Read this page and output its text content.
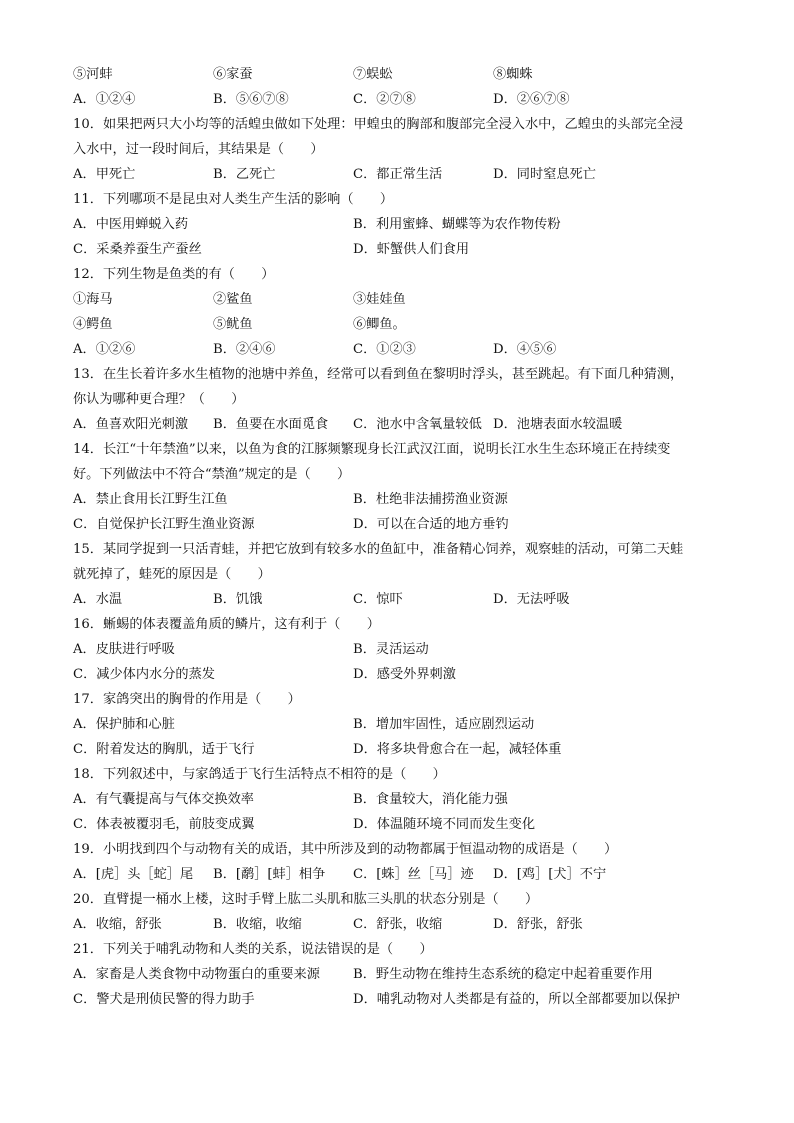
⑤河蚌	⑥家蚕	⑦蜈蚣	⑧蜘蛛
A．①②④	B．⑤⑥⑦⑧	C．②⑦⑧	D．②⑥⑦⑧
10．如果把两只大小均等的活蝗虫做如下处理：甲蝗虫的胸部和腹部完全浸入水中，乙蝗虫的头部完全浸
入水中，过一段时间后，其结果是（　　）
A．甲死亡	B．乙死亡	C．都正常生活	D．同时窒息死亡
11．下列哪项不是昆虫对人类生产生活的影响（　　）
A．中医用蝉蜕入药	B．利用蜜蜂、蝴蝶等为农作物传粉
C．采桑养蚕生产蚕丝	D．虾蟹供人们食用
12．下列生物是鱼类的有（　　）
①海马	②鲨鱼	③娃娃鱼
④鳄鱼	⑤鱿鱼	⑥鲫鱼。
A．①②⑥	B．②④⑥	C．①②③	D．④⑤⑥
13．在生长着许多水生植物的池塘中养鱼，经常可以看到鱼在黎明时浮头，甚至跳起。有下面几种猜测，
你认为哪种更合理？（　　）
A．鱼喜欢阳光刺激 B．鱼要在水面觅食 C．池水中含氧量较低 D．池塘表面水较温暖
14．长江“十年禁渔”以来，以鱼为食的江豚频繁现身长江武汉江面，说明长江水生生态环境正在持续变
好。下列做法中不符合“禁渔”规定的是（　　）
A．禁止食用长江野生江鱼	B．杜绝非法捕捞渔业资源
C．自觉保护长江野生渔业资源	D．可以在合适的地方垂钓
15．某同学捉到一只活青蛙，并把它放到有较多水的鱼缸中，准备精心饲养，观察蛙的活动，可第二天蛙
就死掉了，蛙死的原因是（　　）
A．水温	B．饥饿	C．惊吓	D．无法呼吸
16．蜥蜴的体表覆盖角质的鳞片，这有利于（　　）
A．皮肤进行呼吸	B．灵活运动
C．减少体内水分的蒸发	D．感受外界刺激
17．家鸽突出的胸骨的作用是（　　）
A．保护肺和心脏	B．增加牢固性，适应剧烈运动
C．附着发达的胸肌，适于飞行	D．将多块骨愈合在一起，减轻体重
18．下列叙述中，与家鸽适于飞行生活特点不相符的是（　　）
A．有气囊提高与气体交换效率	B．食量较大，消化能力强
C．体表被覆羽毛，前肢变成翼	D．体温随环境不同而发生变化
19．小明找到四个与动物有关的成语，其中所涉及到的动物都属于恒温动物的成语是（　　）
A．[虎］头［蛇］尾 B．[鹬］[蚌］相争 C．[蛛］丝［马］迹 D．[鸡］[犬］不宁
20．直臂提一桶水上楼，这时手臂上肱二头肌和肱三头肌的状态分别是（　　）
A．收缩，舒张	B．收缩，收缩	C．舒张，收缩	D．舒张，舒张
21．下列关于哺乳动物和人类的关系，说法错误的是（　　）
A．家畜是人类食物中动物蛋白的重要来源	B．野生动物在维持生态系统的稳定中起着重要作用
C．警犬是刑侦民警的得力助手	D．哺乳动物对人类都是有益的，所以全部都要加以保护
